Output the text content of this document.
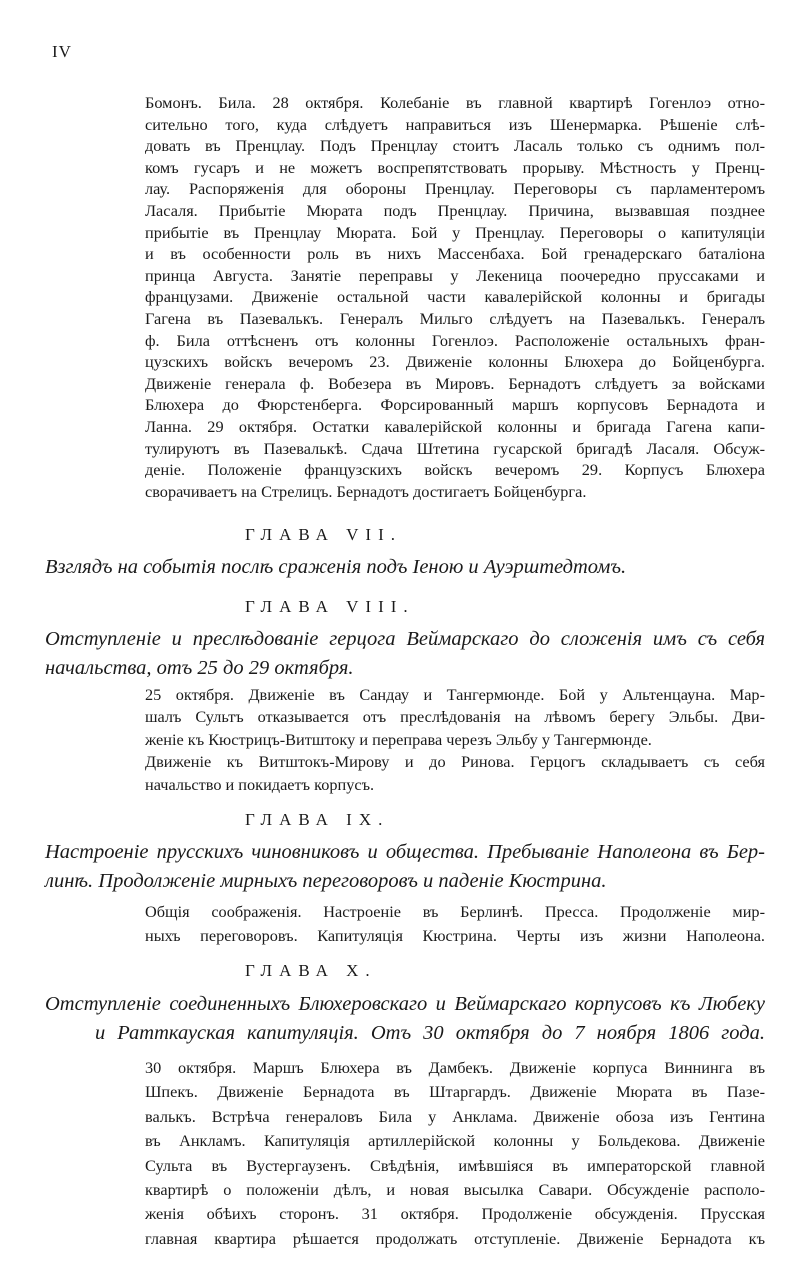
IV
Бомонъ. Била. 28 октября. Колебаніе въ главной квартирѣ Гогенлоэ отно-
сительно того, куда слѣдуетъ направиться изъ Шенермарка. Рѣшеніе слѣ-
довать въ Пренцлау. Подъ Пренцлау стоитъ Ласаль только съ однимъ пол-
комъ гусаръ и не можетъ воспрепятствовать прорыву. Мѣстность у Пренц-
лау. Распоряженія для обороны Пренцлау. Переговоры съ парламентеромъ
Ласаля. Прибытіе Мюрата подъ Пренцлау. Причина, вызвавшая позднее
прибытіе въ Пренцлау Мюрата. Бой у Пренцлау. Переговоры о капитуляціи
и въ особенности роль въ нихъ Массенбаха. Бой гренадерскаго баталіона
принца Августа. Занятіе переправы у Лекеница поочередно пруссаками и
французами. Движеніе остальной части кавалерійской колонны и бригады
Гагена въ Пазевалькъ. Генералъ Мильго слѣдуетъ на Пазевалькъ. Генералъ
ф. Била оттѣсненъ отъ колонны Гогенлоэ. Расположеніе остальныхъ фран-
цузскихъ войскъ вечеромъ 23. Движеніе колонны Блюхера до Бойценбурга.
Движеніе генерала ф. Вобезера въ Мировъ. Бернадотъ слѣдуетъ за войсками
Блюхера до Фюрстенберга. Форсированный маршъ корпусовъ Бернадота и
Ланна. 29 октября. Остатки кавалерійской колонны и бригада Гагена капи-
тулируютъ въ Пазевалькѣ. Сдача Штетина гусарской бригадѣ Ласаля. Обсуж-
деніе. Положеніе французскихъ войскъ вечеромъ 29. Корпусъ Блюхера
сворачиваетъ на Стрелицъ. Бернадотъ достигаетъ Бойценбурга.
ГЛАВА VII.
Взглядъ на событія послѣ сраженія подъ Іеною и Ауэрштедтомъ.
ГЛАВА VIII.
Отступленіе и преслѣдованіе герцога Веймарскаго до сложенія имъ съ себя
начальства, отъ 25 до 29 октября.
25 октября. Движеніе въ Сандау и Тангермюнде. Бой у Альтенцауна. Мар-
шалъ Сультъ отказывается отъ преслѣдованія на лѣвомъ берегу Эльбы. Дви-
женіе къ Кюстрицъ-Витштоку и переправа черезъ Эльбу у Тангермюнде.
Движеніе къ Витштокъ-Мирову и до Ринова. Герцогъ складываетъ съ себя
начальство и покидаетъ корпусъ.
ГЛАВА IX.
Настроеніе прусскихъ чиновниковъ и общества. Пребываніе Наполеона въ Бер-
линѣ. Продолженіе мирныхъ переговоровъ и паденіе Кюстрина.
Общія соображенія. Настроеніе въ Берлинѣ. Пресса. Продолженіе мир-
ныхъ переговоровъ. Капитуляція Кюстрина. Черты изъ жизни Наполеона.
ГЛАВА X.
Отступленіе соединенныхъ Блюхеровскаго и Веймарскаго корпусовъ къ Любеку
и Ратткауская капитуляція. Отъ 30 октября до 7 ноября 1806 года.
30 октября. Маршъ Блюхера въ Дамбекъ. Движеніе корпуса Виннинга въ
Шпекъ. Движеніе Бернадота въ Штаргардъ. Движеніе Мюрата въ Пазе-
валькъ. Встрѣча генераловъ Била у Анклама. Движеніе обоза изъ Гентина
въ Анкламъ. Капитуляція артиллерійской колонны у Больдекова. Движеніе
Сульта въ Вустергаузенъ. Свѣдѣнія, имѣвшіяся въ императорской главной
квартирѣ о положеніи дѣлъ, и новая высылка Савари. Обсужденіе располо-
женія обѣихъ сторонъ. 31 октября. Продолженіе обсужденія. Прусская
главная квартира рѣшается продолжать отступленіе. Движеніе Бернадота къ
